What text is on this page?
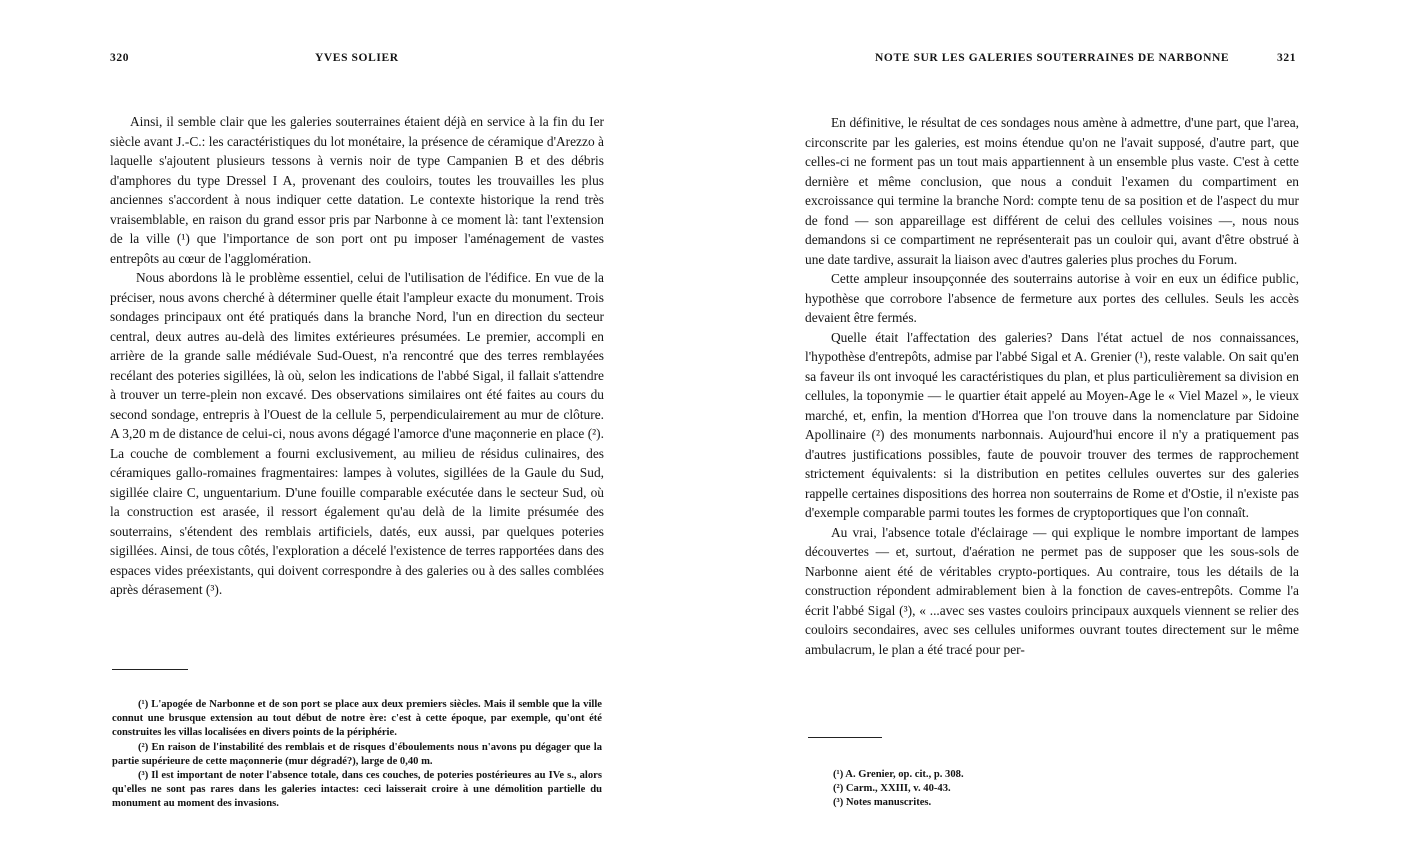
320	YVES SOLIER

Ainsi, il semble clair que les galeries souterraines étaient déjà en service à la fin du Ier siècle avant J.-C.: les caractéristiques du lot monétaire, la présence de céramique d'Arezzo à laquelle s'ajoutent plusieurs tessons à vernis noir de type Campanien B et des débris d'amphores du type Dressel I A, provenant des couloirs, toutes les trouvailles les plus anciennes s'accordent à nous indiquer cette datation. Le contexte historique la rend très vraisemblable, en raison du grand essor pris par Narbonne à ce moment là: tant l'extension de la ville (¹) que l'importance de son port ont pu imposer l'aménagement de vastes entrepôts au cœur de l'agglomération.

Nous abordons là le problème essentiel, celui de l'utilisation de l'édifice. En vue de la préciser, nous avons cherché à déterminer quelle était l'ampleur exacte du monument. Trois sondages principaux ont été pratiqués dans la branche Nord, l'un en direction du secteur central, deux autres au-delà des limites extérieures présumées. Le premier, accompli en arrière de la grande salle médiévale Sud-Ouest, n'a rencontré que des terres remblayées recélant des poteries sigillées, là où, selon les indications de l'abbé Sigal, il fallait s'attendre à trouver un terre-plein non excavé. Des observations similaires ont été faites au cours du second sondage, entrepris à l'Ouest de la cellule 5, perpendiculairement au mur de clôture. A 3,20 m de distance de celui-ci, nous avons dégagé l'amorce d'une maçonnerie en place (²). La couche de comblement a fourni exclusivement, au milieu de résidus culinaires, des céramiques gallo-romaines fragmentaires: lampes à volutes, sigillées de la Gaule du Sud, sigillée claire C, unguentarium. D'une fouille comparable exécutée dans le secteur Sud, où la construction est arasée, il ressort également qu'au delà de la limite présumée des souterrains, s'étendent des remblais artificiels, datés, eux aussi, par quelques poteries sigillées. Ainsi, de tous côtés, l'exploration a décelé l'existence de terres rapportées dans des espaces vides préexistants, qui doivent correspondre à des galeries ou à des salles comblées après dérasement (³).

(¹) L'apogée de Narbonne et de son port se place aux deux premiers siècles. Mais il semble que la ville connut une brusque extension au tout début de notre ère: c'est à cette époque, par exemple, qu'ont été construites les villas localisées en divers points de la périphérie.

(²) En raison de l'instabilité des remblais et de risques d'éboulements nous n'avons pu dégager que la partie supérieure de cette maçonnerie (mur dégradé?), large de 0,40 m.

(³) Il est important de noter l'absence totale, dans ces couches, de poteries postérieures au IVe s., alors qu'elles ne sont pas rares dans les galeries intactes: ceci laisserait croire à une démolition partielle du monument au moment des invasions.

NOTE SUR LES GALERIES SOUTERRAINES DE NARBONNE	321

En définitive, le résultat de ces sondages nous amène à admettre, d'une part, que l'area, circonscrite par les galeries, est moins étendue qu'on ne l'avait supposé, d'autre part, que celles-ci ne forment pas un tout mais appartiennent à un ensemble plus vaste. C'est à cette dernière et même conclusion, que nous a conduit l'examen du compartiment en excroissance qui termine la branche Nord: compte tenu de sa position et de l'aspect du mur de fond — son appareillage est différent de celui des cellules voisines —, nous nous demandons si ce compartiment ne représenterait pas un couloir qui, avant d'être obstrué à une date tardive, assurait la liaison avec d'autres galeries plus proches du Forum.

Cette ampleur insoupçonnée des souterrains autorise à voir en eux un édifice public, hypothèse que corrobore l'absence de fermeture aux portes des cellules. Seuls les accès devaient être fermés.

Quelle était l'affectation des galeries? Dans l'état actuel de nos connaissances, l'hypothèse d'entrepôts, admise par l'abbé Sigal et A. Grenier (¹), reste valable. On sait qu'en sa faveur ils ont invoqué les caractéristiques du plan, et plus particulièrement sa division en cellules, la toponymie — le quartier était appelé au Moyen-Age le « Viel Mazel », le vieux marché, et, enfin, la mention d'Horrea que l'on trouve dans la nomenclature par Sidoine Apollinaire (²) des monuments narbonnais. Aujourd'hui encore il n'y a pratiquement pas d'autres justifications possibles, faute de pouvoir trouver des termes de rapprochement strictement équivalents: si la distribution en petites cellules ouvertes sur des galeries rappelle certaines dispositions des horrea non souterrains de Rome et d'Ostie, il n'existe pas d'exemple comparable parmi toutes les formes de cryptoportiques que l'on connaît.

Au vrai, l'absence totale d'éclairage — qui explique le nombre important de lampes découvertes — et, surtout, d'aération ne permet pas de supposer que les sous-sols de Narbonne aient été de véritables crypto-portiques. Au contraire, tous les détails de la construction répondent admirablement bien à la fonction de caves-entrepôts. Comme l'a écrit l'abbé Sigal (³), « ...avec ses vastes couloirs principaux auxquels viennent se relier des couloirs secondaires, avec ses cellules uniformes ouvrant toutes directement sur le même ambulacrum, le plan a été tracé pour per-

(¹) A. Grenier, op. cit., p. 308.

(²) Carm., XXIII, v. 40-43.

(³) Notes manuscrites.
